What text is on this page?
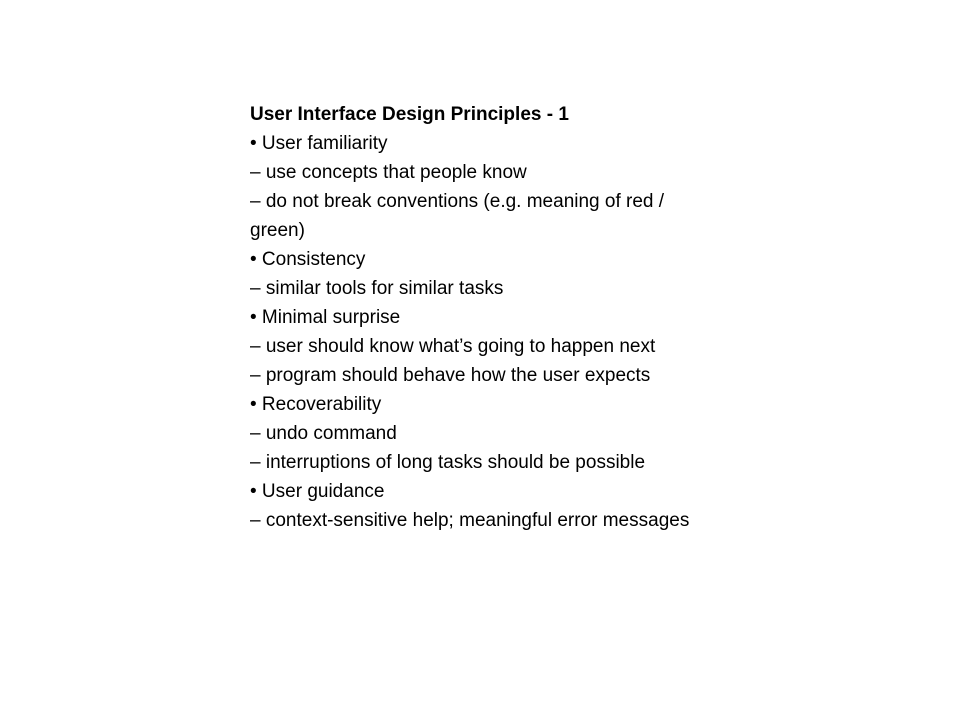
User Interface Design Principles - 1
• User familiarity
– use concepts that people know
– do not break conventions (e.g. meaning of red / green)
• Consistency
– similar tools for similar tasks
• Minimal surprise
– user should know what’s going to happen next
– program should behave how the user expects
• Recoverability
– undo command
– interruptions of long tasks should be possible
• User guidance
– context-sensitive help; meaningful error messages
